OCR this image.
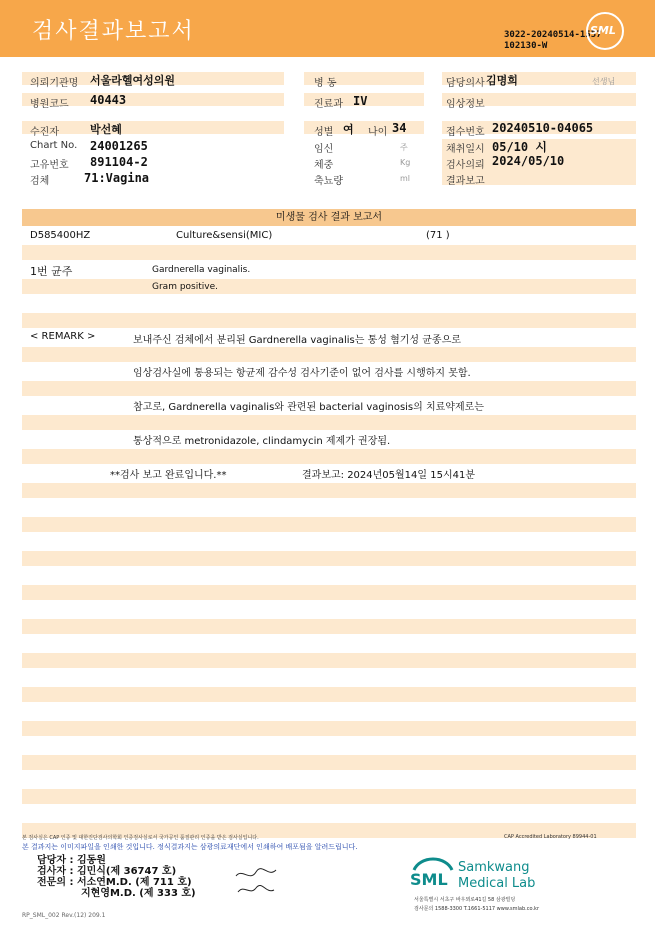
검사결과보고서	3022-20240514-1557
102130-W
SML
의뢰기관명 서울라헬여성의원
병원코드 40443
병 동
진료과 IV
담당의사 김명희	선생님
임상정보
수진자	박선혜
Chart No. 24001265
고유번호 891104-2
검체	71:Vagina
성별 여 나이 34
임신	주
체중	Kg
축뇨량	ml
접수번호 20240510-04065
채취일시 05/10 시
검사의뢰 2024/05/10
결과보고
미생물 검사 결과 보고서
D585400HZ	Culture&sensi(MIC)	(71 )
1번 균주	Gardnerella vaginalis.
Gram positive.
< REMARK >	보내주신 검체에서 분리된 Gardnerella vaginalis는 통성 혐기성 균종으로
임상검사실에 통용되는 항균제 감수성 검사기준이 없어 검사를 시행하지 못함.
참고로, Gardnerella vaginalis와 관련된 bacterial vaginosis의 치료약제로는
통상적으로 metronidazole, clindamycin 제제가 권장됨.
**검사 보고 완료입니다.**	결과보고: 2024년05월14일 15시41분
본 검사실은 CAP 인증 및 대한진단검사의학회 인증검사실로서 국가공인 품질관리 인증을 받은 검사실입니다.	CAP Accredited Laboratory 89944-01
본 결과지는 이미지파일을 인쇄한 것입니다. 정식결과지는 삼광의료재단에서 인쇄하여 배포됨을 알려드립니다.
담당자 : 김동원
검사자 : 김민식(제 36747 호)
전문의 : 서소연M.D. (제 711 호)
지현영M.D. (제 333 호)
SML
Samkwang
Medical Lab
서울특별시 서초구 바우뫼로41길 58 삼광빌딩
검사문의 1588-3300 T.1661-5117 www.smlab.co.kr
RP_SML_002 Rev.(12) 209.1
